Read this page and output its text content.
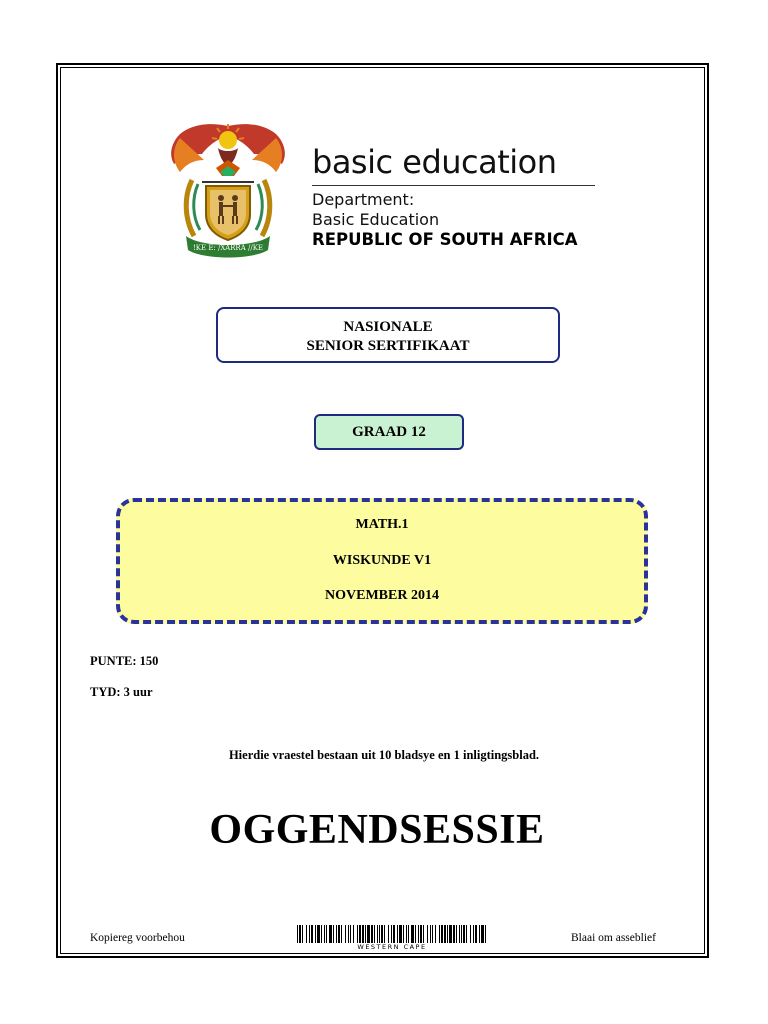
!KE E: /XARRA //KE
basic education
Department:
Basic Education
REPUBLIC OF SOUTH AFRICA
NASIONALE
SENIOR SERTIFIKAAT
GRAAD 12
MATH.1
WISKUNDE V1
NOVEMBER 2014
PUNTE: 150
TYD: 3 uur
Hierdie vraestel bestaan uit 10 bladsye en 1 inligtingsblad.
OGGENDSESSIE
Kopiereg voorbehou
WESTERN CAPE
Blaai om asseblief
